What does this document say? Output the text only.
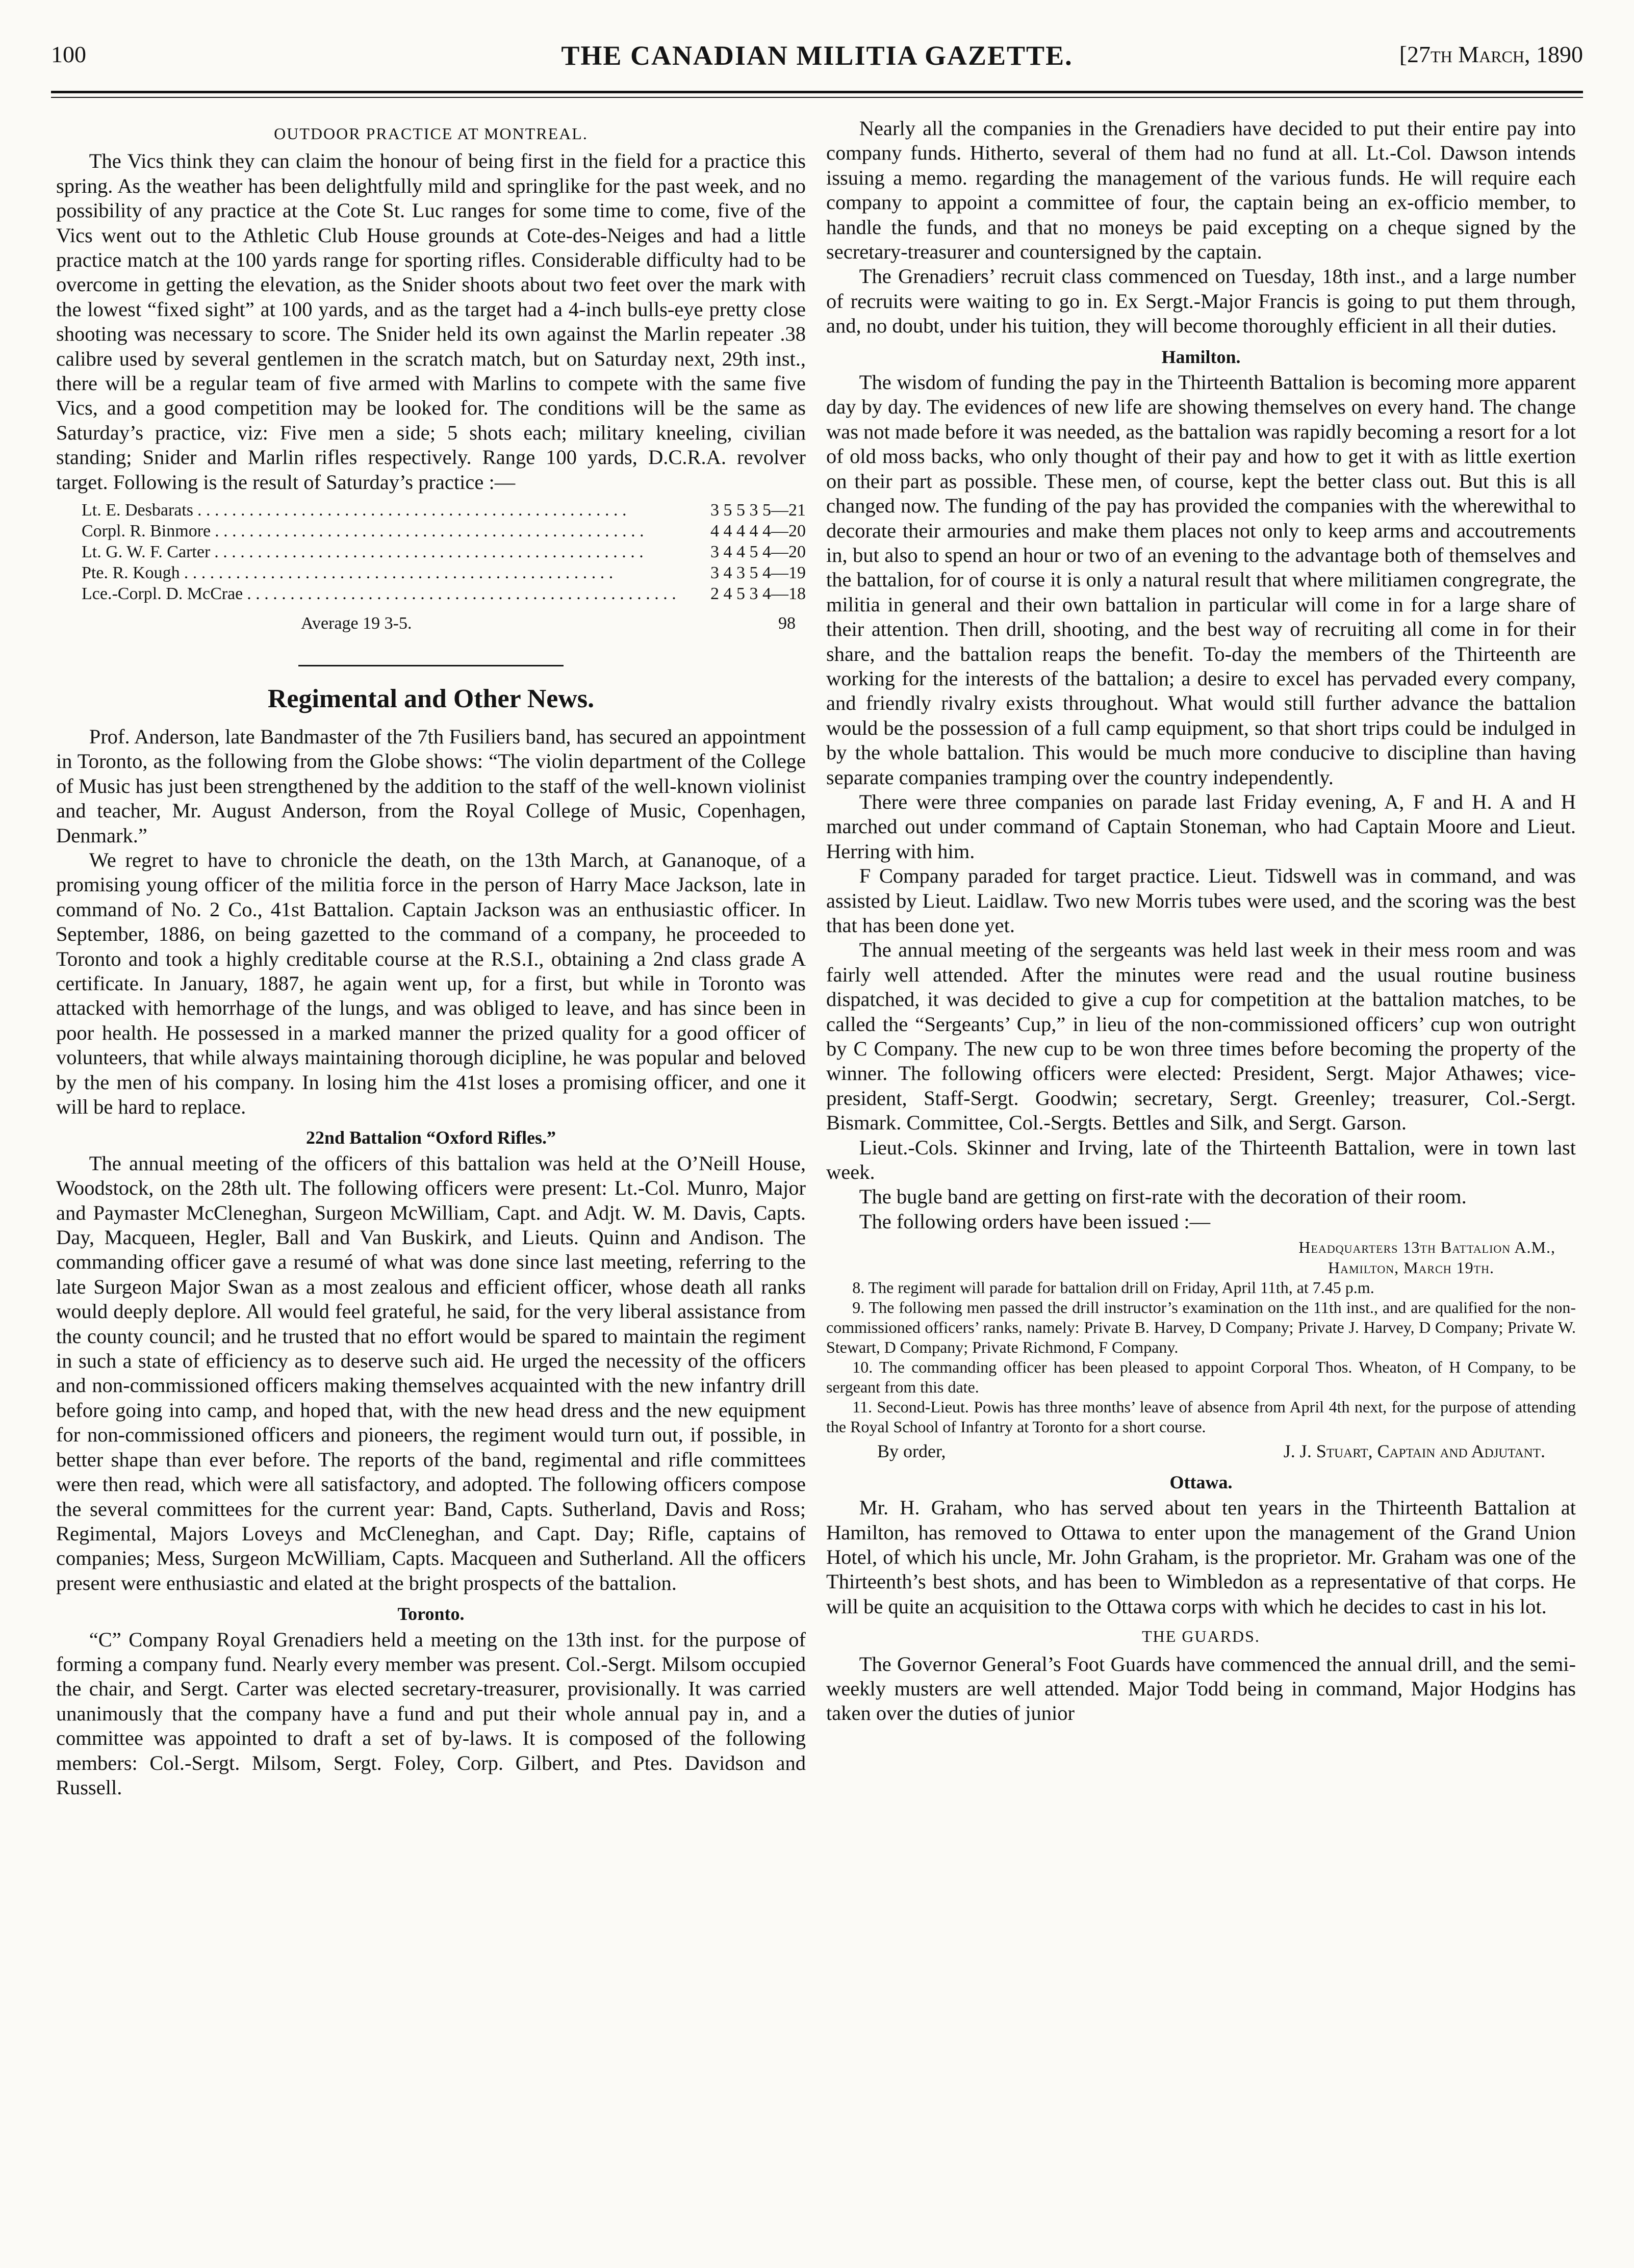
100	THE CANADIAN MILITIA GAZETTE.	[27th March, 1890
OUTDOOR PRACTICE AT MONTREAL.

The Vics think they can claim the honour of being first in the field for a practice this spring. As the weather has been delightfully mild and springlike for the past week, and no possibility of any practice at the Cote St. Luc ranges for some time to come, five of the Vics went out to the Athletic Club House grounds at Cote-des-Neiges and had a little practice match at the 100 yards range for sporting rifles. Considerable difficulty had to be overcome in getting the elevation, as the Snider shoots about two feet over the mark with the lowest “fixed sight” at 100 yards, and as the target had a 4-inch bulls-eye pretty close shooting was necessary to score. The Snider held its own against the Marlin repeater .38 calibre used by several gentlemen in the scratch match, but on Saturday next, 29th inst., there will be a regular team of five armed with Marlins to compete with the same five Vics, and a good competition may be looked for. The conditions will be the same as Saturday’s practice, viz: Five men a side; 5 shots each; military kneeling, civilian standing; Snider and Marlin rifles respectively. Range 100 yards, D.C.R.A. revolver target. Following is the result of Saturday’s practice :—

Lt. E. Desbarats . . . . . . . . . . . . . . . . . . . . . . . . . . . . . . . . . . . . . . . . . . . . . . . . . .	3 5 5 3 5—21
Corpl. R. Binmore . . . . . . . . . . . . . . . . . . . . . . . . . . . . . . . . . . . . . . . . . . . . . . . . . .	4 4 4 4 4—20
Lt. G. W. F. Carter . . . . . . . . . . . . . . . . . . . . . . . . . . . . . . . . . . . . . . . . . . . . . . . . . .	3 4 4 5 4—20
Pte. R. Kough . . . . . . . . . . . . . . . . . . . . . . . . . . . . . . . . . . . . . . . . . . . . . . . . . .	3 4 3 5 4—19
Lce.-Corpl. D. McCrae . . . . . . . . . . . . . . . . . . . . . . . . . . . . . . . . . . . . . . . . . . . . . . . . . .	2 4 5 3 4—18
Average 19 3-5.	98
Regimental and Other News.

Prof. Anderson, late Bandmaster of the 7th Fusiliers band, has secured an appointment in Toronto, as the following from the Globe shows: “The violin department of the College of Music has just been strengthened by the addition to the staff of the well-known violinist and teacher, Mr. August Anderson, from the Royal College of Music, Copenhagen, Denmark.”

We regret to have to chronicle the death, on the 13th March, at Gananoque, of a promising young officer of the militia force in the person of Harry Mace Jackson, late in command of No. 2 Co., 41st Battalion. Captain Jackson was an enthusiastic officer. In September, 1886, on being gazetted to the command of a company, he proceeded to Toronto and took a highly creditable course at the R.S.I., obtaining a 2nd class grade A certificate. In January, 1887, he again went up, for a first, but while in Toronto was attacked with hemorrhage of the lungs, and was obliged to leave, and has since been in poor health. He possessed in a marked manner the prized quality for a good officer of volunteers, that while always maintaining thorough dicipline, he was popular and beloved by the men of his company. In losing him the 41st loses a promising officer, and one it will be hard to replace.

22nd Battalion “Oxford Rifles.”

The annual meeting of the officers of this battalion was held at the O’Neill House, Woodstock, on the 28th ult. The following officers were present: Lt.-Col. Munro, Major and Paymaster McCleneghan, Surgeon McWilliam, Capt. and Adjt. W. M. Davis, Capts. Day, Macqueen, Hegler, Ball and Van Buskirk, and Lieuts. Quinn and Andison. The commanding officer gave a resumé of what was done since last meeting, referring to the late Surgeon Major Swan as a most zealous and efficient officer, whose death all ranks would deeply deplore. All would feel grateful, he said, for the very liberal assistance from the county council; and he trusted that no effort would be spared to maintain the regiment in such a state of efficiency as to deserve such aid. He urged the necessity of the officers and non-commissioned officers making themselves acquainted with the new infantry drill before going into camp, and hoped that, with the new head dress and the new equipment for non-commissioned officers and pioneers, the regiment would turn out, if possible, in better shape than ever before. The reports of the band, regimental and rifle committees were then read, which were all satisfactory, and adopted. The following officers compose the several committees for the current year: Band, Capts. Sutherland, Davis and Ross; Regimental, Majors Loveys and McCleneghan, and Capt. Day; Rifle, captains of companies; Mess, Surgeon McWilliam, Capts. Macqueen and Sutherland. All the officers present were enthusiastic and elated at the bright prospects of the battalion.

Toronto.

“C” Company Royal Grenadiers held a meeting on the 13th inst. for the purpose of forming a company fund. Nearly every member was present. Col.-Sergt. Milsom occupied the chair, and Sergt. Carter was elected secretary-treasurer, provisionally. It was carried unanimously that the company have a fund and put their whole annual pay in, and a committee was appointed to draft a set of by-laws. It is composed of the following members: Col.-Sergt. Milsom, Sergt. Foley, Corp. Gilbert, and Ptes. Davidson and Russell.

Nearly all the companies in the Grenadiers have decided to put their entire pay into company funds. Hitherto, several of them had no fund at all. Lt.-Col. Dawson intends issuing a memo. regarding the management of the various funds. He will require each company to appoint a committee of four, the captain being an ex-officio member, to handle the funds, and that no moneys be paid excepting on a cheque signed by the secretary-treasurer and countersigned by the captain.

The Grenadiers’ recruit class commenced on Tuesday, 18th inst., and a large number of recruits were waiting to go in. Ex Sergt.-Major Francis is going to put them through, and, no doubt, under his tuition, they will become thoroughly efficient in all their duties.

Hamilton.

The wisdom of funding the pay in the Thirteenth Battalion is becoming more apparent day by day. The evidences of new life are showing themselves on every hand. The change was not made before it was needed, as the battalion was rapidly becoming a resort for a lot of old moss backs, who only thought of their pay and how to get it with as little exertion on their part as possible. These men, of course, kept the better class out. But this is all changed now. The funding of the pay has provided the companies with the wherewithal to decorate their armouries and make them places not only to keep arms and accoutrements in, but also to spend an hour or two of an evening to the advantage both of themselves and the battalion, for of course it is only a natural result that where militiamen congregrate, the militia in general and their own battalion in particular will come in for a large share of their attention. Then drill, shooting, and the best way of recruiting all come in for their share, and the battalion reaps the benefit. To-day the members of the Thirteenth are working for the interests of the battalion; a desire to excel has pervaded every company, and friendly rivalry exists throughout. What would still further advance the battalion would be the possession of a full camp equipment, so that short trips could be indulged in by the whole battalion. This would be much more conducive to discipline than having separate companies tramping over the country independently.

There were three companies on parade last Friday evening, A, F and H. A and H marched out under command of Captain Stoneman, who had Captain Moore and Lieut. Herring with him.

F Company paraded for target practice. Lieut. Tidswell was in command, and was assisted by Lieut. Laidlaw. Two new Morris tubes were used, and the scoring was the best that has been done yet.

The annual meeting of the sergeants was held last week in their mess room and was fairly well attended. After the minutes were read and the usual routine business dispatched, it was decided to give a cup for competition at the battalion matches, to be called the “Sergeants’ Cup,” in lieu of the non-commissioned officers’ cup won outright by C Company. The new cup to be won three times before becoming the property of the winner. The following officers were elected: President, Sergt. Major Athawes; vice-president, Staff-Sergt. Goodwin; secretary, Sergt. Greenley; treasurer, Col.-Sergt. Bismark. Committee, Col.-Sergts. Bettles and Silk, and Sergt. Garson.

Lieut.-Cols. Skinner and Irving, late of the Thirteenth Battalion, were in town last week.

The bugle band are getting on first-rate with the decoration of their room.

The following orders have been issued :—

Headquarters 13th Battalion A.M.,
Hamilton, March 19th.

8. The regiment will parade for battalion drill on Friday, April 11th, at 7.45 p.m.

9. The following men passed the drill instructor’s examination on the 11th inst., and are qualified for the non-commissioned officers’ ranks, namely: Private B. Harvey, D Company; Private J. Harvey, D Company; Private W. Stewart, D Company; Private Richmond, F Company.

10. The commanding officer has been pleased to appoint Corporal Thos. Wheaton, of H Company, to be sergeant from this date.

11. Second-Lieut. Powis has three months’ leave of absence from April 4th next, for the purpose of attending the Royal School of Infantry at Toronto for a short course.

By order,	J. J. Stuart, Captain and Adjutant.
Ottawa.

Mr. H. Graham, who has served about ten years in the Thirteenth Battalion at Hamilton, has removed to Ottawa to enter upon the management of the Grand Union Hotel, of which his uncle, Mr. John Graham, is the proprietor. Mr. Graham was one of the Thirteenth’s best shots, and has been to Wimbledon as a representative of that corps. He will be quite an acquisition to the Ottawa corps with which he decides to cast in his lot.

THE GUARDS.

The Governor General’s Foot Guards have commenced the annual drill, and the semi-weekly musters are well attended. Major Todd being in command, Major Hodgins has taken over the duties of junior
